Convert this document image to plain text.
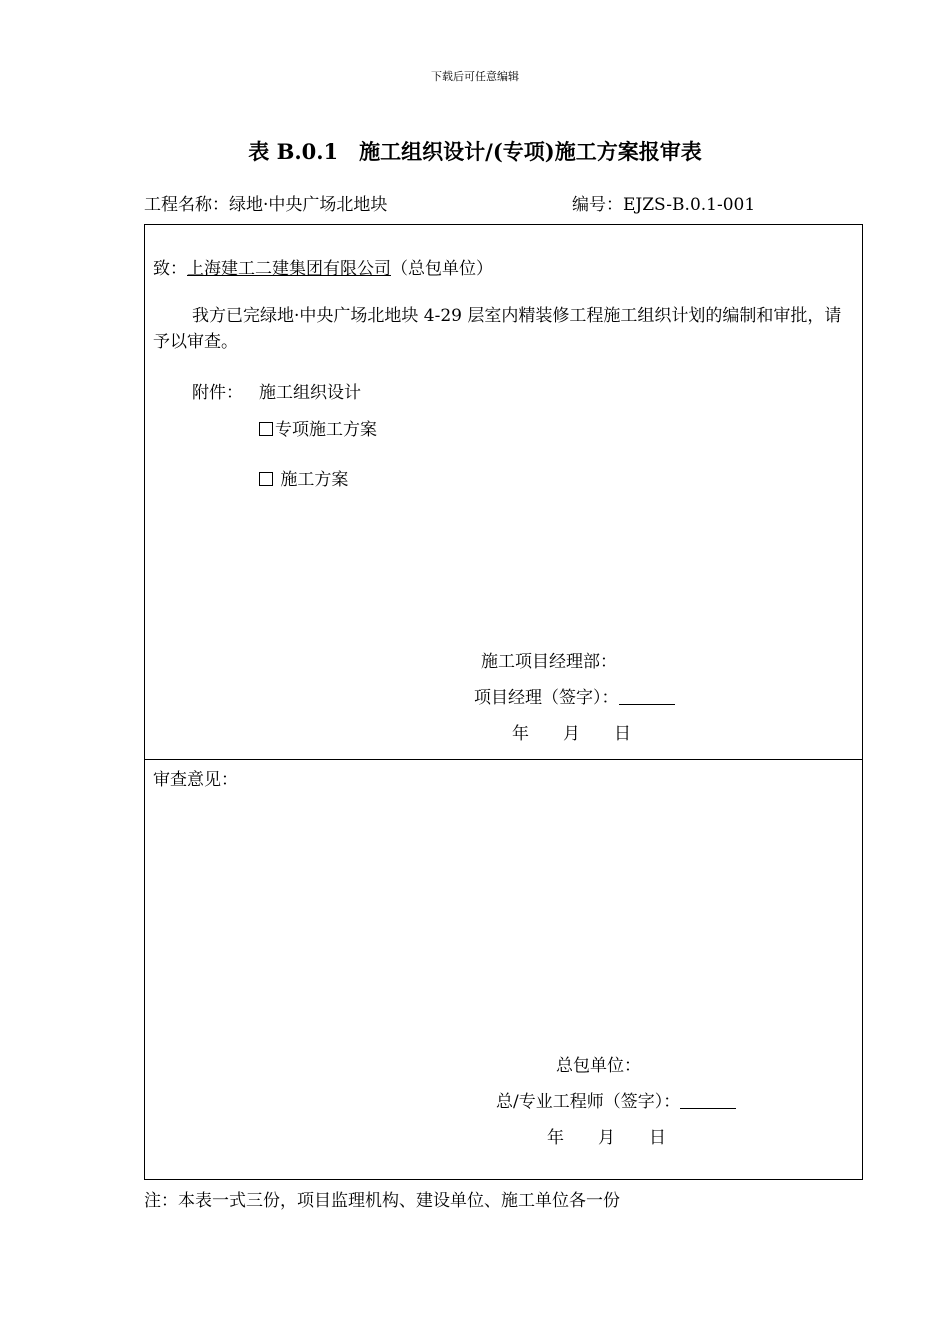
下载后可任意编辑
表 B.0.1　施工组织设计/(专项)施工方案报审表
工程名称：绿地·中央广场北地块	编号：EJZS-B.0.1-001
致：上海建工二建集团有限公司（总包单位）
我方已完绿地·中央广场北地块 4-29 层室内精装修工程施工组织计划的编制和审批，请予以审查。
附件： 施工组织设计
专项施工方案
施工方案
施工项目经理部：
项目经理（签字）：
年　　月　　日
审查意见：
总包单位：
总/专业工程师（签字）：
年　　月　　日
注：本表一式三份，项目监理机构、建设单位、施工单位各一份
